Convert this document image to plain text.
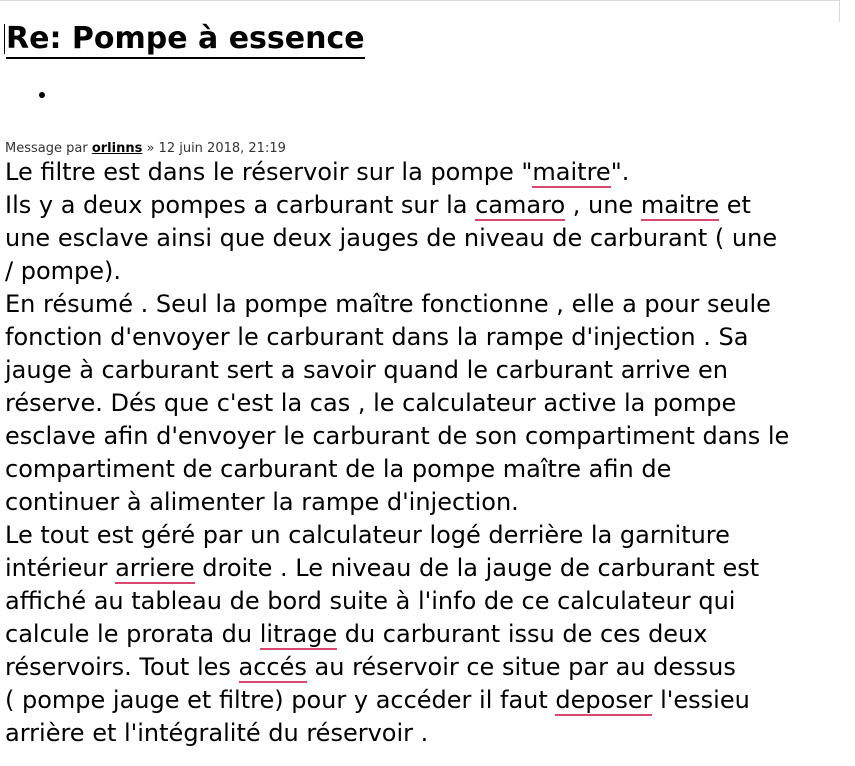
Re: Pompe à essence
Message par orlinns » 12 juin 2018, 21:19
Le filtre est dans le réservoir sur la pompe "maitre".
Ils y a deux pompes a carburant sur la camaro , une maitre et
une esclave ainsi que deux jauges de niveau de carburant ( une
/ pompe).
En résumé . Seul la pompe maître fonctionne , elle a pour seule
fonction d'envoyer le carburant dans la rampe d'injection . Sa
jauge à carburant sert a savoir quand le carburant arrive en
réserve. Dés que c'est la cas , le calculateur active la pompe
esclave afin d'envoyer le carburant de son compartiment dans le
compartiment de carburant de la pompe maître afin de
continuer à alimenter la rampe d'injection.
Le tout est géré par un calculateur logé derrière la garniture
intérieur arriere droite . Le niveau de la jauge de carburant est
affiché au tableau de bord suite à l'info de ce calculateur qui
calcule le prorata du litrage du carburant issu de ces deux
réservoirs. Tout les accés au réservoir ce situe par au dessus
( pompe jauge et filtre) pour y accéder il faut deposer l'essieu
arrière et l'intégralité du réservoir .
